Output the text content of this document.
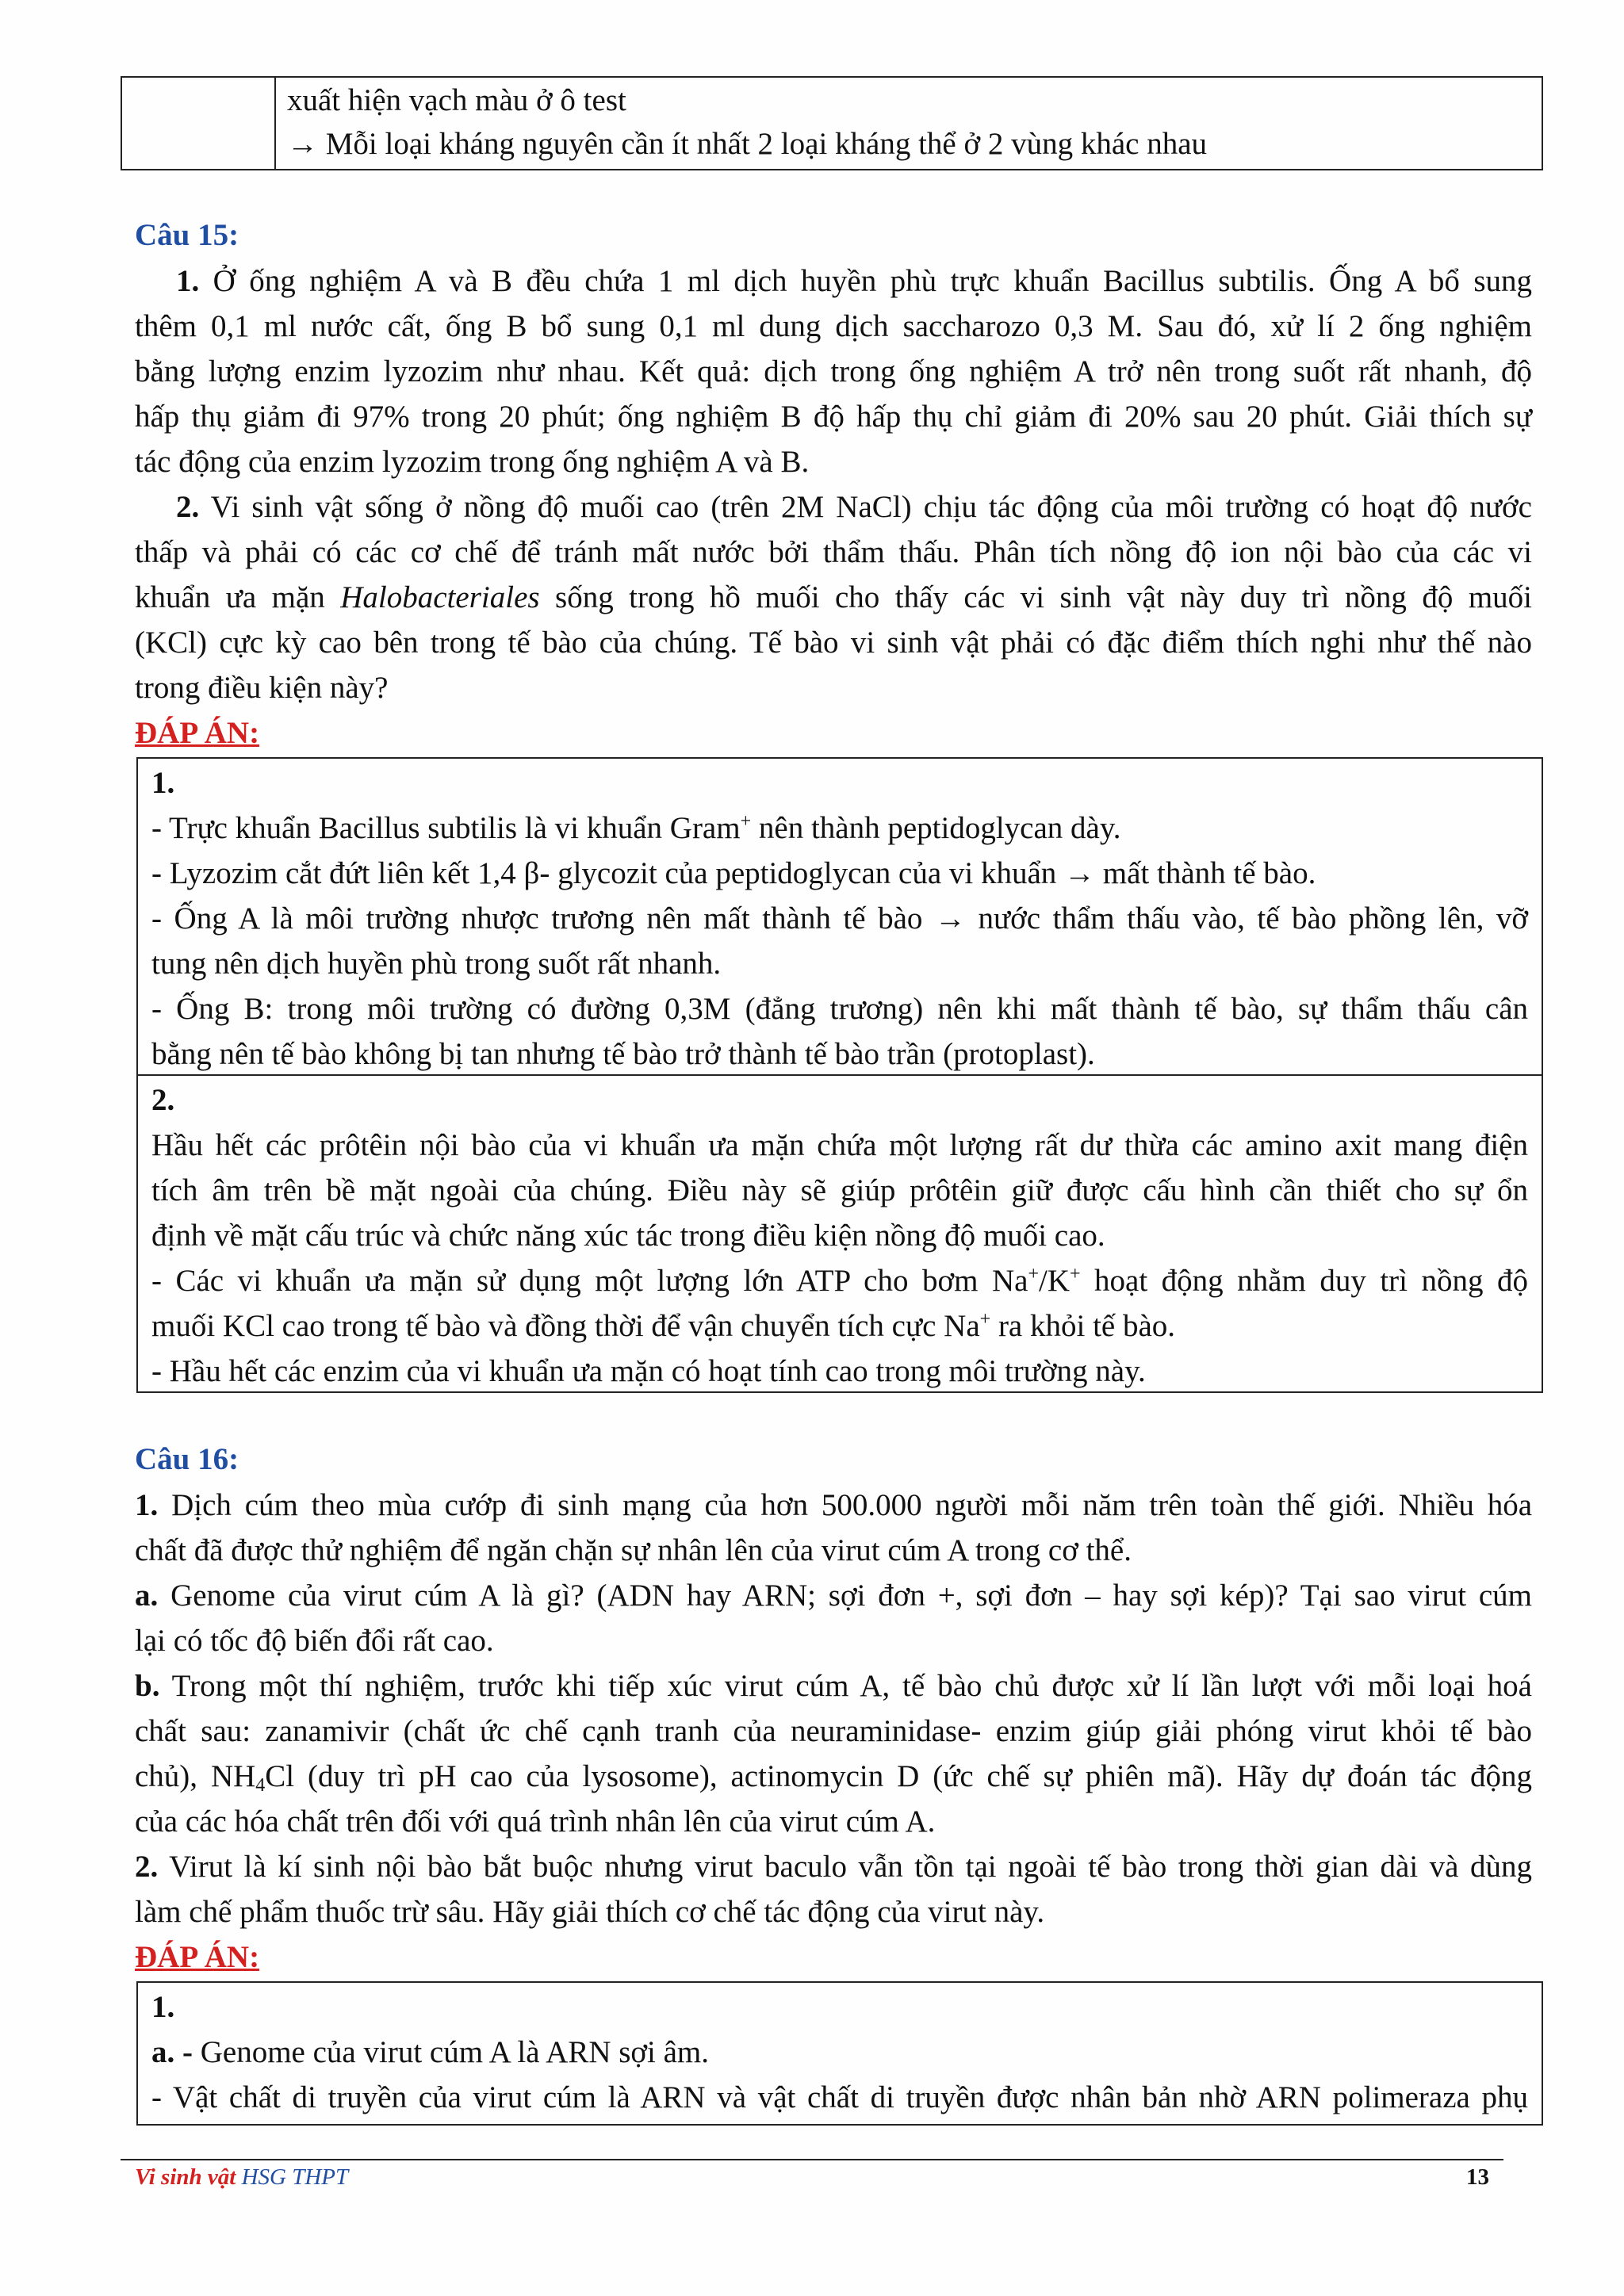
xuất hiện vạch màu ở ô test
→ Mỗi loại kháng nguyên cần ít nhất 2 loại kháng thể ở 2 vùng khác nhau
Câu 15:
1. Ở ống nghiệm A và B đều chứa 1 ml dịch huyền phù trực khuẩn Bacillus subtilis. Ống A bổ sung
thêm 0,1 ml nước cất, ống B bổ sung 0,1 ml dung dịch saccharozo 0,3 M. Sau đó, xử lí 2 ống nghiệm
bằng lượng enzim lyzozim như nhau. Kết quả: dịch trong ống nghiệm A trở nên trong suốt rất nhanh, độ
hấp thụ giảm đi 97% trong 20 phút; ống nghiệm B độ hấp thụ chỉ giảm đi 20% sau 20 phút. Giải thích sự
tác động của enzim lyzozim trong ống nghiệm A và B.
2. Vi sinh vật sống ở nồng độ muối cao (trên 2M NaCl) chịu tác động của môi trường có hoạt độ nước
thấp và phải có các cơ chế để tránh mất nước bởi thẩm thấu. Phân tích nồng độ ion nội bào của các vi
khuẩn ưa mặn Halobacteriales sống trong hồ muối cho thấy các vi sinh vật này duy trì nồng độ muối
(KCl) cực kỳ cao bên trong tế bào của chúng. Tế bào vi sinh vật phải có đặc điểm thích nghi như thế nào
trong điều kiện này?
ĐÁP ÁN:
1.
- Trực khuẩn Bacillus subtilis là vi khuẩn Gram+ nên thành peptidoglycan dày.
- Lyzozim cắt đứt liên kết 1,4 β- glycozit của peptidoglycan của vi khuẩn → mất thành tế bào.
- Ống A là môi trường nhược trương nên mất thành tế bào → nước thẩm thấu vào, tế bào phồng lên, vỡ
tung nên dịch huyền phù trong suốt rất nhanh.
- Ống B: trong môi trường có đường 0,3M (đẳng trương) nên khi mất thành tế bào, sự thẩm thấu cân
bằng nên tế bào không bị tan nhưng tế bào trở thành tế bào trần (protoplast).
2.
Hầu hết các prôtêin nội bào của vi khuẩn ưa mặn chứa một lượng rất dư thừa các amino axit mang điện
tích âm trên bề mặt ngoài của chúng. Điều này sẽ giúp prôtêin giữ được cấu hình cần thiết cho sự ổn
định về mặt cấu trúc và chức năng xúc tác trong điều kiện nồng độ muối cao.
- Các vi khuẩn ưa mặn sử dụng một lượng lớn ATP cho bơm Na+/K+ hoạt động nhằm duy trì nồng độ
muối KCl cao trong tế bào và đồng thời để vận chuyển tích cực Na+ ra khỏi tế bào.
- Hầu hết các enzim của vi khuẩn ưa mặn có hoạt tính cao trong môi trường này.
Câu 16:
1. Dịch cúm theo mùa cướp đi sinh mạng của hơn 500.000 người mỗi năm trên toàn thế giới. Nhiều hóa
chất đã được thử nghiệm để ngăn chặn sự nhân lên của virut cúm A trong cơ thể.
a. Genome của virut cúm A là gì? (ADN hay ARN; sợi đơn +, sợi đơn – hay sợi kép)? Tại sao virut cúm
lại có tốc độ biến đổi rất cao.
b. Trong một thí nghiệm, trước khi tiếp xúc virut cúm A, tế bào chủ được xử lí lần lượt với mỗi loại hoá
chất sau: zanamivir (chất ức chế cạnh tranh của neuraminidase- enzim giúp giải phóng virut khỏi tế bào
chủ), $NH_4Cl$ (duy trì pH cao của lysosome), actinomycin D (ức chế sự phiên mã). Hãy dự đoán tác động
của các hóa chất trên đối với quá trình nhân lên của virut cúm A.
2. Virut là kí sinh nội bào bắt buộc nhưng virut baculo vẫn tồn tại ngoài tế bào trong thời gian dài và dùng
làm chế phẩm thuốc trừ sâu. Hãy giải thích cơ chế tác động của virut này.
ĐÁP ÁN:
1.
a. - Genome của virut cúm A là ARN sợi âm.
- Vật chất di truyền của virut cúm là ARN và vật chất di truyền được nhân bản nhờ ARN polimeraza phụ
Vi sinh vật HSG THPT	13
